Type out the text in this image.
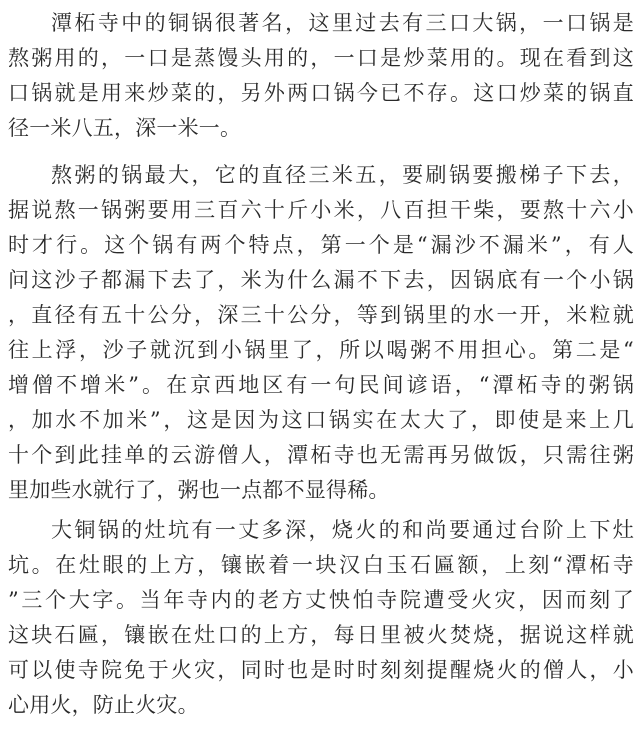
潭柘寺中的铜锅很著名，这里过去有三口大锅，一口锅是
熬粥用的，一口是蒸馒头用的，一口是炒菜用的。现在看到这
口锅就是用来炒菜的，另外两口锅今已不存。这口炒菜的锅直
径一米八五，深一米一。
熬粥的锅最大，它的直径三米五，要刷锅要搬梯子下去，
据说熬一锅粥要用三百六十斤小米，八百担干柴，要熬十六小
时才行。这个锅有两个特点，第一个是“漏沙不漏米”，有人
问这沙子都漏下去了，米为什么漏不下去，因锅底有一个小锅
，直径有五十公分，深三十公分，等到锅里的水一开，米粒就
往上浮，沙子就沉到小锅里了，所以喝粥不用担心。第二是“
增僧不增米”。在京西地区有一句民间谚语，“潭柘寺的粥锅
，加水不加米”，这是因为这口锅实在太大了，即使是来上几
十个到此挂单的云游僧人，潭柘寺也无需再另做饭，只需往粥
里加些水就行了，粥也一点都不显得稀。
大铜锅的灶坑有一丈多深，烧火的和尚要通过台阶上下灶
坑。在灶眼的上方，镶嵌着一块汉白玉石匾额，上刻“潭柘寺
”三个大字。当年寺内的老方丈怏怕寺院遭受火灾，因而刻了
这块石匾，镶嵌在灶口的上方，每日里被火焚烧，据说这样就
可以使寺院免于火灾，同时也是时时刻刻提醒烧火的僧人，小
心用火，防止火灾。
